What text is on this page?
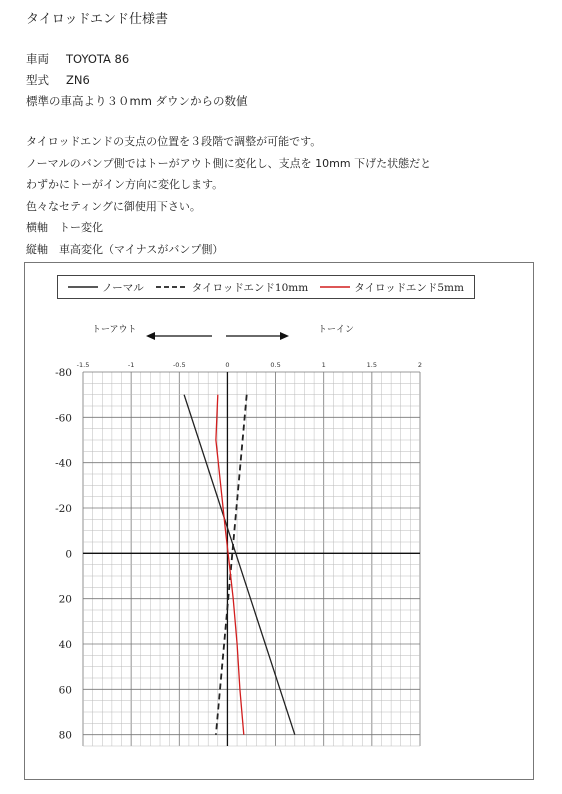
タイロッドエンド仕様書
車両 TOYOTA 86
型式 ZN6
標準の車高より３０mm ダウンからの数値
タイロッドエンドの支点の位置を３段階で調整が可能です。
ノーマルのバンプ側ではトーがアウト側に変化し、支点を 10mm 下げた状態だと
わずかにトーがイン方向に変化します。
色々なセティングに御使用下さい。
横軸　トー変化
縦軸　車高変化（マイナスがバンプ側）
ノーマル	タイロッドエンド10mm	タイロッドエンド5mm
トーアウト	トーイン
-1.5	-1	-0.5	0	0.5	1	1.5	2
-80
-60
-40
-20
0
20
40
60
80
